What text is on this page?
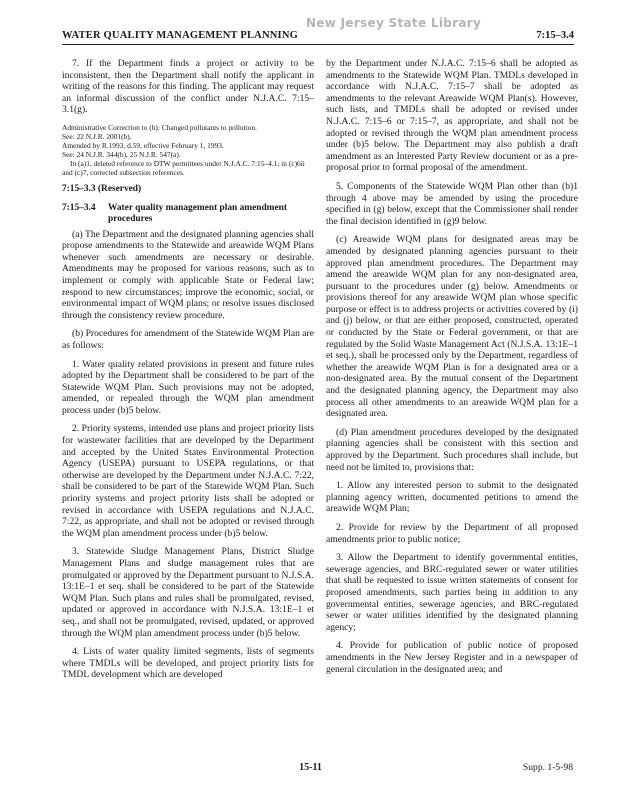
WATER QUALITY MANAGEMENT PLANNING
New Jersey State Library
7:15–3.4

7. If the Department finds a project or activity to be inconsistent, then the Department shall notify the applicant in writing of the reasons for this finding. The applicant may request an informal discussion of the conflict under N.J.A.C. 7:15–3.1(g).

Administrative Correction to (b): Changed pollutants to pollution.
See: 22 N.J.R. 2001(b).
Amended by R.1993, d.59, effective February 1, 1993.
See: 24 N.J.R. 344(b), 25 N.J.R. 547(a).
In (a)1, deleted reference to DTW permittees under N.J.A.C. 7:15–4.1; in (c)6ii and (c)7, corrected subsection references.
7:15–3.3 (Reserved)
7:15–3.4	Water quality management plan amendment procedures

(a) The Department and the designated planning agencies shall propose amendments to the Statewide and areawide WQM Plans whenever such amendments are necessary or desirable. Amendments may be proposed for various reasons, such as to implement or comply with applicable State or Federal law; respond to new circumstances; improve the economic, social, or environmental impact of WQM plans; or resolve issues disclosed through the consistency review procedure.

(b) Procedures for amendment of the Statewide WQM Plan are as follows:

1. Water quality related provisions in present and future rules adopted by the Department shall be considered to be part of the Statewide WQM Plan. Such provisions may not be adopted, amended, or repealed through the WQM plan amendment process under (b)5 below.

2. Priority systems, intended use plans and project priority lists for wastewater facilities that are developed by the Department and accepted by the United States Environmental Protection Agency (USEPA) pursuant to USEPA regulations, or that otherwise are developed by the Department under N.J.A.C. 7:22, shall be considered to be part of the Statewide WQM Plan. Such priority systems and project priority lists shall be adopted or revised in accordance with USEPA regulations and N.J.A.C. 7:22, as appropriate, and shall not be adopted or revised through the WQM plan amendment process under (b)5 below.

3. Statewide Sludge Management Plans, District Sludge Management Plans and sludge management rules that are promulgated or approved by the Department pursuant to N.J.S.A. 13:1E–1 et seq. shall be considered to be part of the Statewide WQM Plan. Such plans and rules shall be promulgated, revised, updated or approved in accordance with N.J.S.A. 13:1E–1 et seq., and shall not be promulgated, revised, updated, or approved through the WQM plan amendment process under (b)5 below.

4. Lists of water quality limited segments, lists of segments where TMDLs will be developed, and project priority lists for TMDL development which are developed

by the Department under N.J.A.C. 7:15–6 shall be adopted as amendments to the Statewide WQM Plan. TMDLs developed in accordance with N.J.A.C. 7:15–7 shall be adopted as amendments to the relevant Areawide WQM Plan(s). However, such lists, and TMDLs shall be adopted or revised under N.J.A.C. 7:15–6 or 7:15–7, as appropriate, and shall not be adopted or revised through the WQM plan amendment process under (b)5 below. The Department may also publish a draft amendment as an Interested Party Review document or as a pre-proposal prior to formal proposal of the amendment.

5. Components of the Statewide WQM Plan other than (b)1 through 4 above may be amended by using the procedure specified in (g) below, except that the Commissioner shall render the final decision identified in (g)9 below.

(c) Areawide WQM plans for designated areas may be amended by designated planning agencies pursuant to their approved plan amendment procedures. The Department may amend the areawide WQM plan for any non-designated area, pursuant to the procedures under (g) below. Amendments or provisions thereof for any areawide WQM plan whose specific purpose or effect is to address projects or activities covered by (i) and (j) below, or that are either proposed, constructed, operated or conducted by the State or Federal government, or that are regulated by the Solid Waste Management Act (N.J.S.A. 13:1E–1 et seq.), shall be processed only by the Department, regardless of whether the areawide WQM Plan is for a designated area or a non-designated area. By the mutual consent of the Department and the designated planning agency, the Department may also process all other amendments to an areawide WQM plan for a designated area.

(d) Plan amendment procedures developed by the designated planning agencies shall be consistent with this section and approved by the Department. Such procedures shall include, but need not be limited to, provisions that:

1. Allow any interested person to submit to the designated planning agency written, documented petitions to amend the areawide WQM Plan;

2. Provide for review by the Department of all proposed amendments prior to public notice;

3. Allow the Department to identify governmental entities, sewerage agencies, and BRC-regulated sewer or water utilities that shall be requested to issue written statements of consent for proposed amendments, such parties being in addition to any governmental entities, sewerage agencies, and BRC-regulated sewer or water utilities identified by the designated planning agency;

4. Provide for publication of public notice of proposed amendments in the New Jersey Register and in a newspaper of general circulation in the designated area; and

15-11	Supp. 1-5-98
